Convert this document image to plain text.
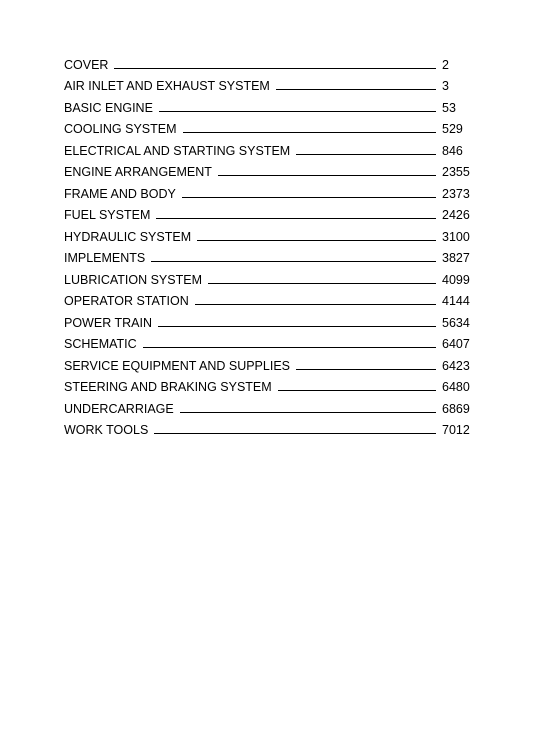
COVER	2
AIR INLET AND EXHAUST SYSTEM	3
BASIC ENGINE	53
COOLING SYSTEM	529
ELECTRICAL AND STARTING SYSTEM	846
ENGINE ARRANGEMENT	2355
FRAME AND BODY	2373
FUEL SYSTEM	2426
HYDRAULIC SYSTEM	3100
IMPLEMENTS	3827
LUBRICATION SYSTEM	4099
OPERATOR STATION	4144
POWER TRAIN	5634
SCHEMATIC	6407
SERVICE EQUIPMENT AND SUPPLIES	6423
STEERING AND BRAKING SYSTEM	6480
UNDERCARRIAGE	6869
WORK TOOLS	7012
